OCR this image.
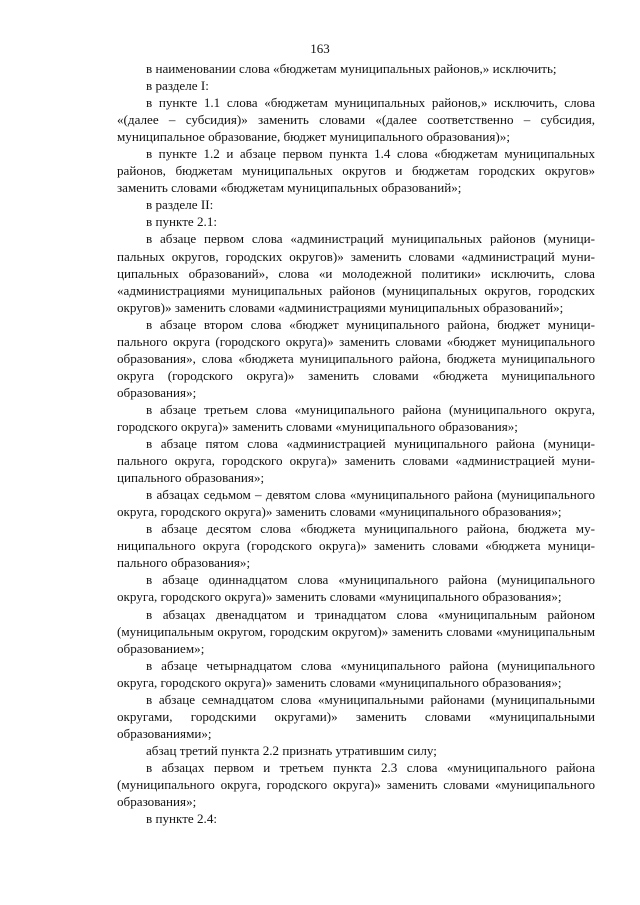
163

в наименовании слова «бюджетам муниципальных районов,» исключить;

в разделе I:

в пункте 1.1 слова «бюджетам муниципальных районов,» исключить, слова «(далее – субсидия)» заменить словами «(далее соответственно – субсидия, муниципальное образование, бюджет муниципального образования)»;

в пункте 1.2 и абзаце первом пункта 1.4 слова «бюджетам муниципальных районов, бюджетам муниципальных округов и бюджетам городских округов» заменить словами «бюджетам муниципальных образований»;

в разделе II:

в пункте 2.1:

в абзаце первом слова «администраций муниципальных районов (муниципальных округов, городских округов)» заменить словами «администраций муниципальных образований», слова «и молодежной политики» исключить, слова «администрациями муниципальных районов (муниципальных округов, городских округов)» заменить словами «администрациями муниципальных образований»;

в абзаце втором слова «бюджет муниципального района, бюджет муниципального округа (городского округа)» заменить словами «бюджет муниципального образования», слова «бюджета муниципального района, бюджета муниципального округа (городского округа)» заменить словами «бюджета муниципального образования»;

в абзаце третьем слова «муниципального района (муниципального округа, городского округа)» заменить словами «муниципального образования»;

в абзаце пятом слова «администрацией муниципального района (муниципального округа, городского округа)» заменить словами «администрацией муниципального образования»;

в абзацах седьмом – девятом слова «муниципального района (муниципального округа, городского округа)» заменить словами «муниципального образования»;

в абзаце десятом слова «бюджета муниципального района, бюджета муниципального округа (городского округа)» заменить словами «бюджета муниципального образования»;

в абзаце одиннадцатом слова «муниципального района (муниципального округа, городского округа)» заменить словами «муниципального образования»;

в абзацах двенадцатом и тринадцатом слова «муниципальным районом (муниципальным округом, городским округом)» заменить словами «муниципальным образованием»;

в абзаце четырнадцатом слова «муниципального района (муниципального округа, городского округа)» заменить словами «муниципального образования»;

в абзаце семнадцатом слова «муниципальными районами (муниципальными округами, городскими округами)» заменить словами «муниципальными образованиями»;

абзац третий пункта 2.2 признать утратившим силу;

в абзацах первом и третьем пункта 2.3 слова «муниципального района (муниципального округа, городского округа)» заменить словами «муниципального образования»;

в пункте 2.4:
